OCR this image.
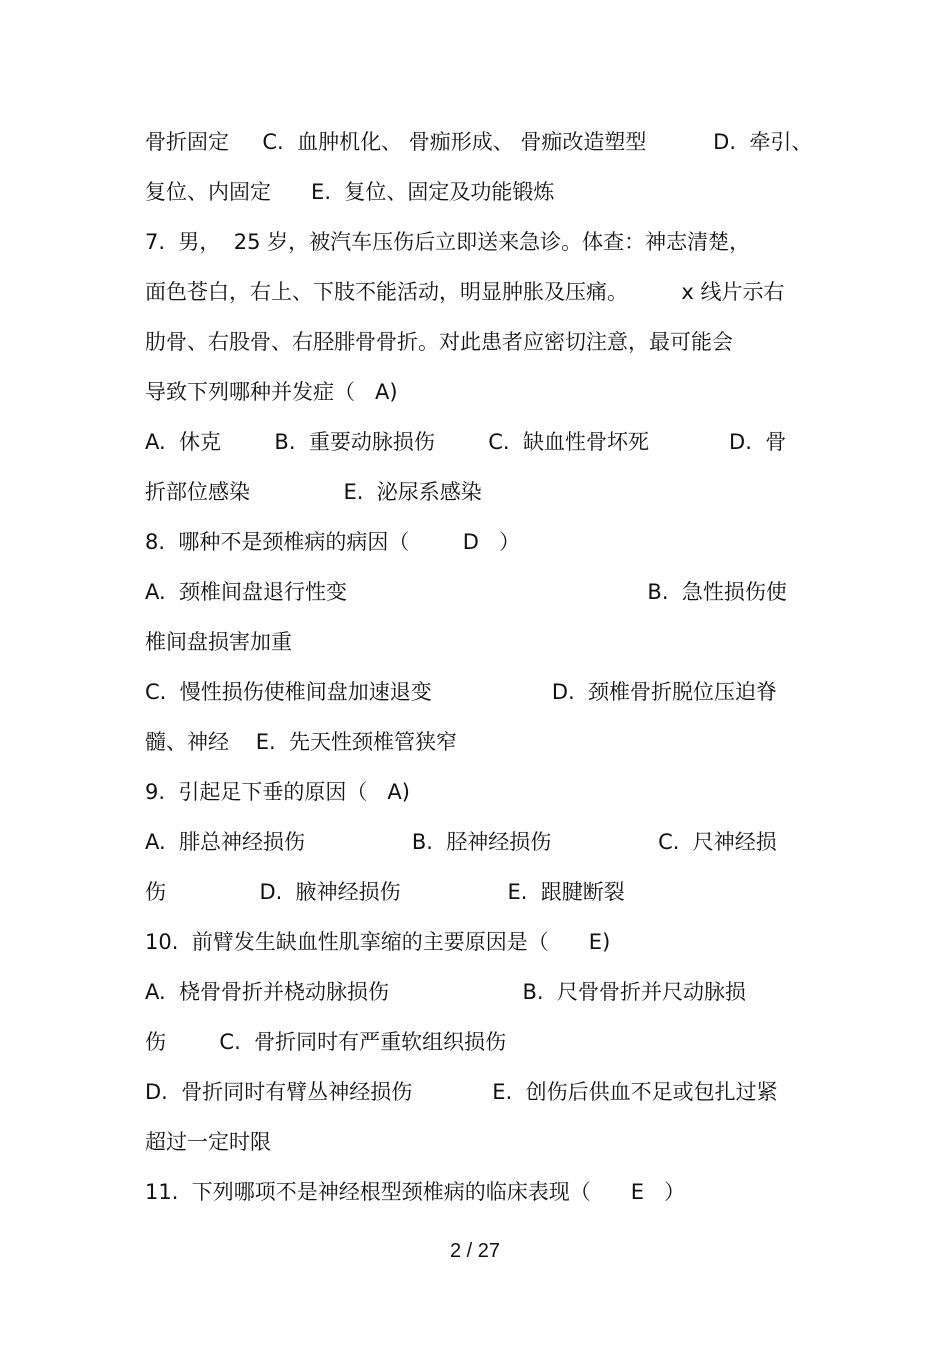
骨折固定     C.  血肿机化、 骨痂形成、 骨痂改造塑型          D.  牵引、
复位、内固定      E.  复位、固定及功能锻炼
7.  男，  25 岁，被汽车压伤后立即送来急诊。体查：神志清楚，
面色苍白，右上、下肢不能活动，明显肿胀及压痛。        x 线片示右
肋骨、右股骨、右胫腓骨骨折。对此患者应密切注意，最可能会
导致下列哪种并发症（   A)
A.  休克        B.  重要动脉损伤        C.  缺血性骨坏死            D.  骨
折部位感染              E.  泌尿系感染
8.  哪种不是颈椎病的病因（        D   ）
A.  颈椎间盘退行性变                                             B.  急性损伤使
椎间盘损害加重
C.  慢性损伤使椎间盘加速退变                  D.  颈椎骨折脱位压迫脊
髓、神经    E.  先天性颈椎管狭窄
9.  引起足下垂的原因（   A)
A.  腓总神经损伤                B.  胫神经损伤                C.  尺神经损
伤              D.  腋神经损伤                E.  跟腱断裂
10.  前臂发生缺血性肌挛缩的主要原因是（      E)
A.  桡骨骨折并桡动脉损伤                    B.  尺骨骨折并尺动脉损
伤        C.  骨折同时有严重软组织损伤
D.  骨折同时有臂丛神经损伤            E.  创伤后供血不足或包扎过紧
超过一定时限
11.  下列哪项不是神经根型颈椎病的临床表现（      E   ）
2 / 27
